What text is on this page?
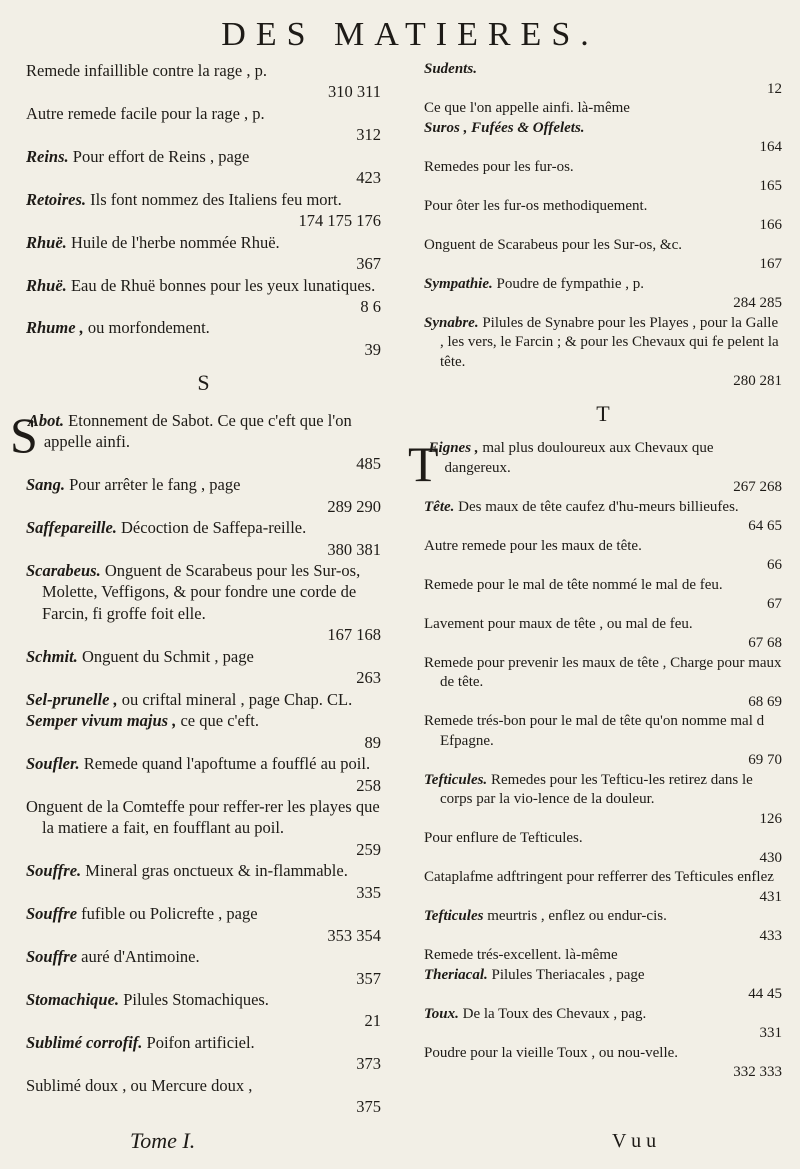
DES MATIERES.
Remede infaillible contre la rage , p.
310 311
Autre remede facile pour la rage , p.
312
Reins. Pour effort de Reins , page
423
Retoires. Ils font nommez des Italiens feu mort.
174 175 176
Rhuë. Huile de l'herbe nommée Rhuë.
367
Rhuë. Eau de Rhuë bonnes pour les yeux lunatiques.
8 6
Rhume , ou morfondement.
39
S
S
Abot. Etonnement de Sabot. Ce que c'eft que l'on appelle ainfi.
485
Sang. Pour arrêter le fang , page
289 290
Saffepareille. Décoction de Saffepa-reille.
380 381
Scarabeus. Onguent de Scarabeus pour les Sur-os, Molette, Veffigons, & pour fondre une corde de Farcin, fi groffe foit elle.
167 168
Schmit. Onguent du Schmit , page
263
Sel-prunelle , ou criftal mineral , page Chap. CL.
Semper vivum majus , ce que c'eft.
89
Soufler. Remede quand l'apoftume a foufflé au poil.
258
Onguent de la Comteffe pour reffer-rer les playes que la matiere a fait, en foufflant au poil.
259
Souffre. Mineral gras onctueux & in-flammable.
335
Souffre fufible ou Policrefte , page
353 354
Souffre auré d'Antimoine.
357
Stomachique. Pilules Stomachiques.
21
Sublimé corrofif. Poifon artificiel.
373
Sublimé doux , ou Mercure doux ,
375
Sudents.
12
Ce que l'on appelle ainfi. là-même
Suros , Fufées & Offelets.
164
Remedes pour les fur-os.
165
Pour ôter les fur-os methodiquement.
166
Onguent de Scarabeus pour les Sur-os, &c.
167
Sympathie. Poudre de fympathie , p.
284 285
Synabre. Pilules de Synabre pour les Playes , pour la Galle , les vers, le Farcin ; & pour les Chevaux qui fe pelent la tête.
280 281
T
T
Eignes , mal plus douloureux aux Chevaux que dangereux.
267 268
Tête. Des maux de tête caufez d'hu-meurs billieufes.
64 65
Autre remede pour les maux de tête.
66
Remede pour le mal de tête nommé le mal de feu.
67
Lavement pour maux de tête , ou mal de feu.
67 68
Remede pour prevenir les maux de tête , Charge pour maux de tête.
68 69
Remede trés-bon pour le mal de tête qu'on nomme mal d Efpagne.
69 70
Tefticules. Remedes pour les Tefticu-les retirez dans le corps par la vio-lence de la douleur.
126
Pour enflure de Tefticules.
430
Cataplafme adftringent pour refferrer des Tefticules enflez
431
Tefticules meurtris , enflez ou endur-cis.
433
Remede trés-excellent. là-même
Theriacal. Pilules Theriacales , page
44 45
Toux. De la Toux des Chevaux , pag.
331
Poudre pour la vieille Toux , ou nou-velle.
332 333
Tome I.	V u u
